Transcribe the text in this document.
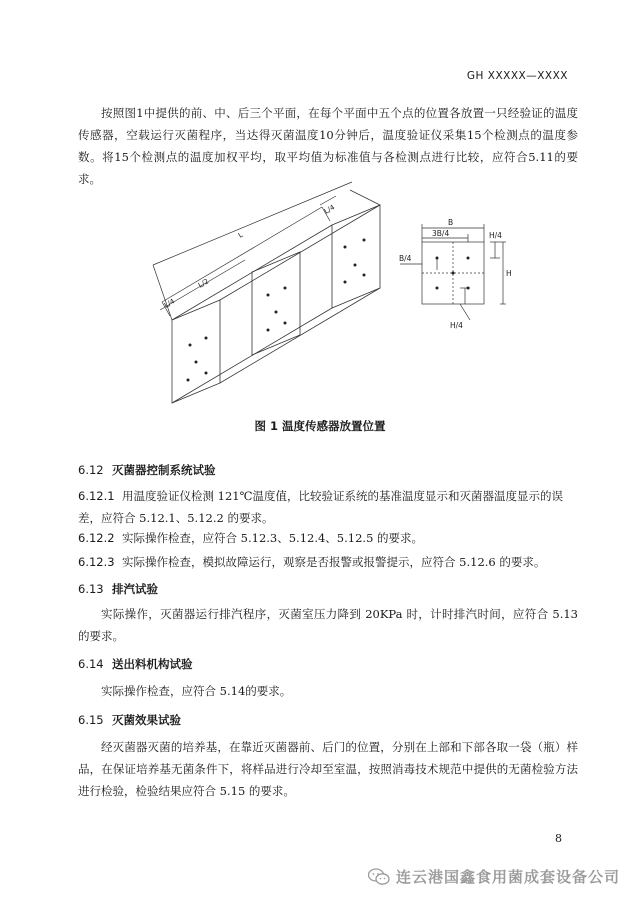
GH XXXXX—XXXX

按照图1中提供的前、中、后三个平面，在每个平面中五个点的位置各放置一只经验证的温度传感器，空载运行灭菌程序，当达得灭菌温度10分钟后，温度验证仪采集15个检测点的温度参数。将15个检测点的温度加权平均，取平均值为标准值与各检测点进行比较，应符合5.11的要求。

L
L/2
L/4
L/4
B
3B/4
B/4
H/4
H
H/4
图 1 温度传感器放置位置
6.12 灭菌器控制系统试验
6.12.1 用温度验证仪检测 121℃温度值，比较验证系统的基准温度显示和灭菌器温度显示的误差，应符合 5.12.1、5.12.2 的要求。
6.12.2 实际操作检查，应符合 5.12.3、5.12.4、5.12.5 的要求。
6.12.3 实际操作检查，模拟故障运行，观察是否报警或报警提示，应符合 5.12.6 的要求。
6.13 排汽试验

实际操作，灭菌器运行排汽程序，灭菌室压力降到 20KPa 时，计时排汽时间，应符合 5.13 的要求。

6.14 送出料机构试验

实际操作检查，应符合 5.14的要求。

6.15 灭菌效果试验

经灭菌器灭菌的培养基，在靠近灭菌器前、后门的位置，分别在上部和下部各取一袋（瓶）样品，在保证培养基无菌条件下，将样品进行冷却至室温，按照消毒技术规范中提供的无菌检验方法进行检验，检验结果应符合 5.15 的要求。

8
连云港国鑫食用菌成套设备公司
